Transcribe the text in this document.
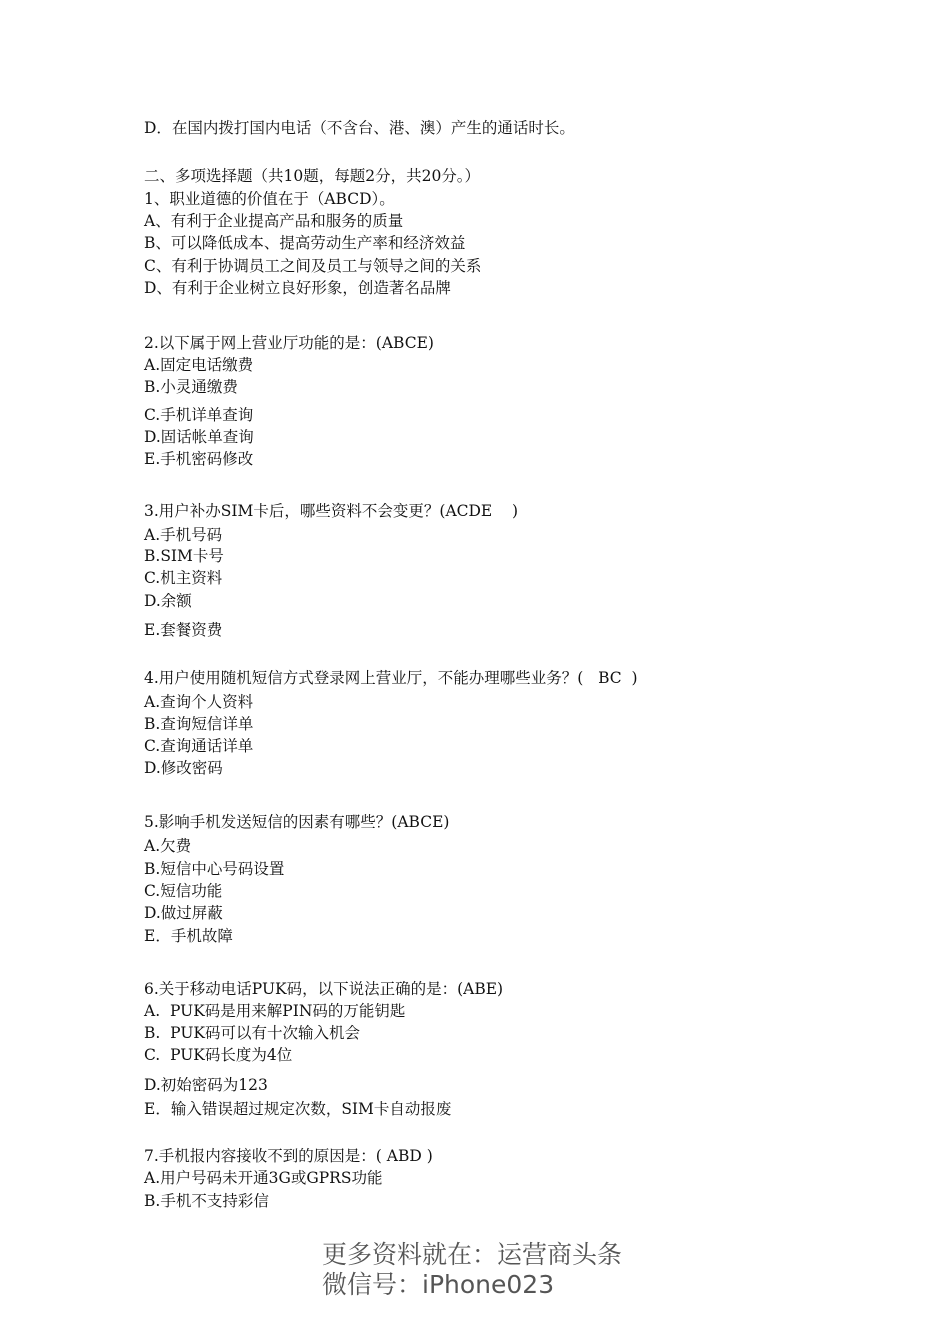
D．在国内拨打国内电话（不含台、港、澳）产生的通话时长。
二、多项选择题（共10题，每题2分，共20分。）
1、职业道德的价值在于（ABCD）。
A、有利于企业提高产品和服务的质量
B、可以降低成本、提高劳动生产率和经济效益
C、有利于协调员工之间及员工与领导之间的关系
D、有利于企业树立良好形象，创造著名品牌
2.以下属于网上营业厅功能的是：(ABCE)
A.固定电话缴费
B.小灵通缴费
C.手机详单查询
D.固话帐单查询
E.手机密码修改
3.用户补办SIM卡后，哪些资料不会变更？(ACDE    )
A.手机号码
B.SIM卡号
C.机主资料
D.余额
E.套餐资费
4.用户使用随机短信方式登录网上营业厅，不能办理哪些业务？(   BC  )
A.查询个人资料
B.查询短信详单
C.查询通话详单
D.修改密码
5.影响手机发送短信的因素有哪些？(ABCE)
A.欠费
B.短信中心号码设置
C.短信功能
D.做过屏蔽
E．手机故障
6.关于移动电话PUK码，以下说法正确的是：(ABE)
A.  PUK码是用来解PIN码的万能钥匙
B.  PUK码可以有十次输入机会
C.  PUK码长度为4位
D.初始密码为123
E．输入错误超过规定次数，SIM卡自动报废
7.手机报内容接收不到的原因是：( ABD )
A.用户号码未开通3G或GPRS功能
B.手机不支持彩信
更多资料就在：运营商头条
微信号：iPhone023
